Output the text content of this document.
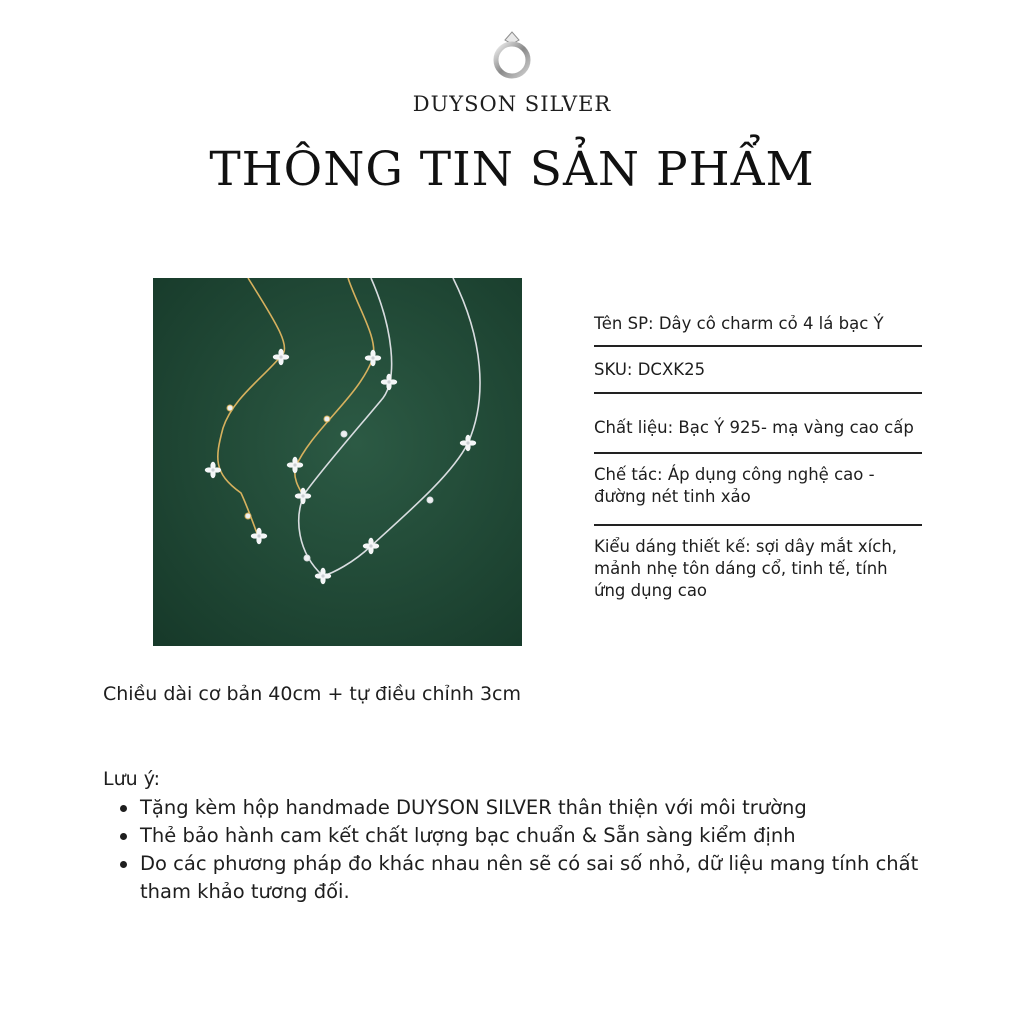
DUYSON SILVER
THÔNG TIN SẢN PHẨM
Tên SP: Dây cô charm cỏ 4 lá bạc Ý
SKU: DCXK25
Chất liệu: Bạc Ý 925- mạ vàng cao cấp
Chế tác: Áp dụng công nghệ cao - đường nét tinh xảo
Kiểu dáng thiết kế: sợi dây mắt xích, mảnh nhẹ tôn dáng cổ, tinh tế, tính ứng dụng cao
Chiều dài cơ bản 40cm + tự điều chỉnh 3cm
Lưu ý:
Tặng kèm hộp handmade DUYSON SILVER thân thiện với môi trường
Thẻ bảo hành cam kết chất lượng bạc chuẩn & Sẵn sàng kiểm định
Do các phương pháp đo khác nhau nên sẽ có sai số nhỏ, dữ liệu mang tính chất tham khảo tương đối.
